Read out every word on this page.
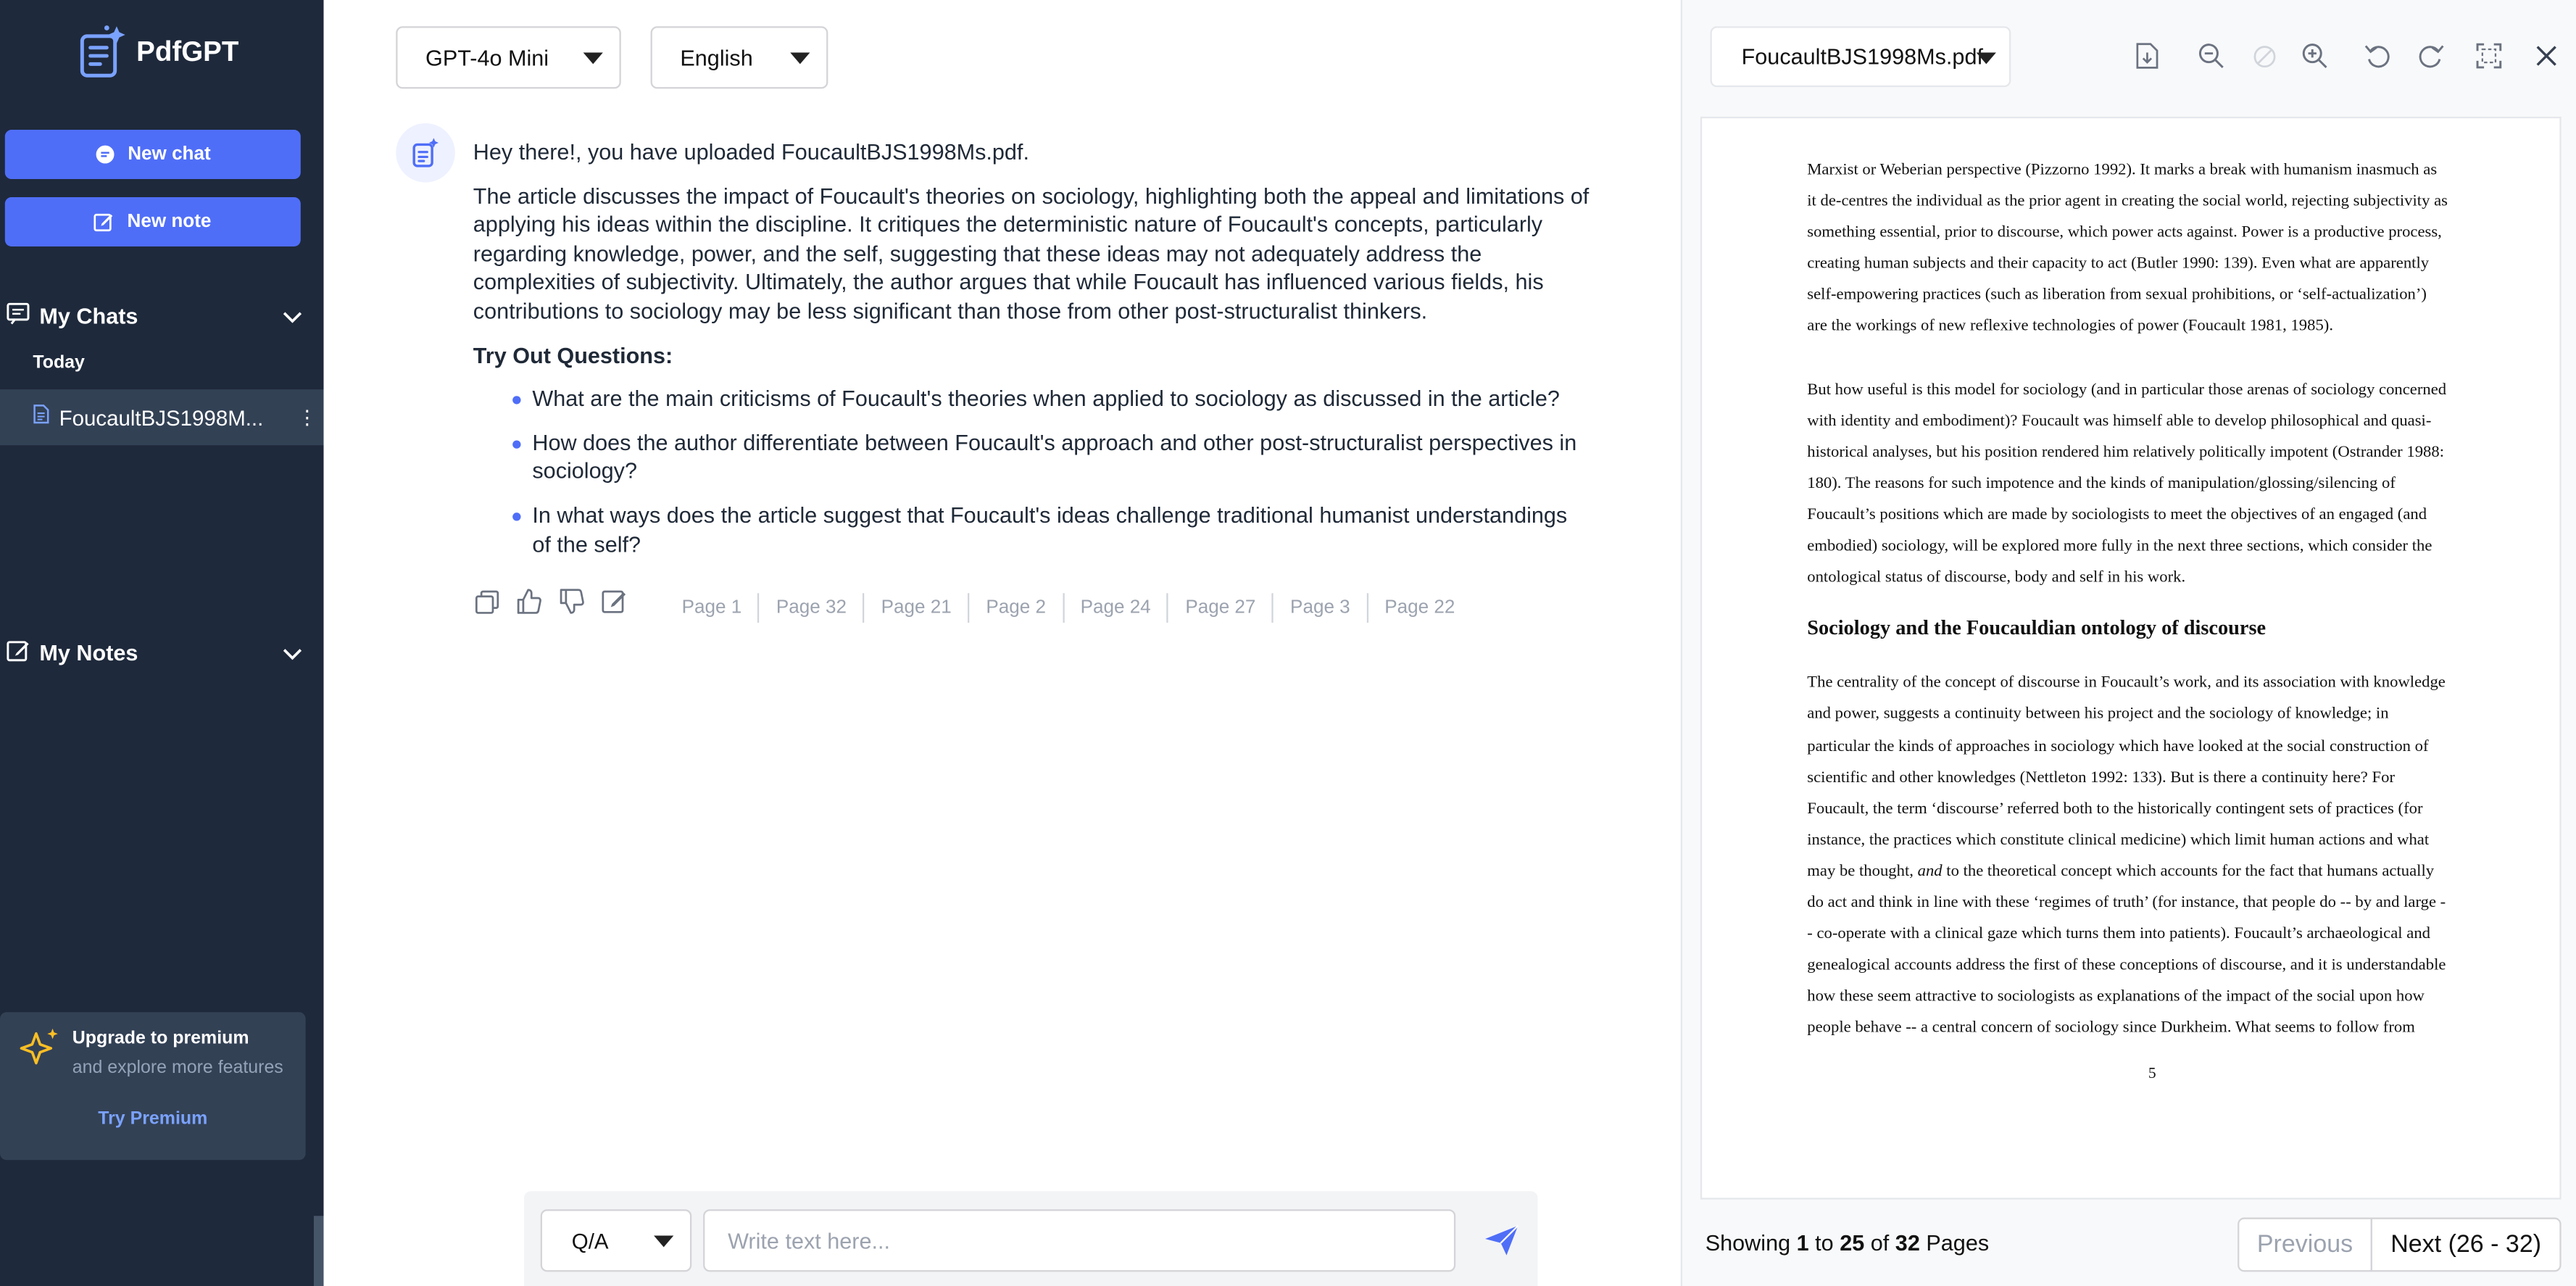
PdfGPT
New chat
New note
My Chats
Today
FoucaultBJS1998M...	⋮
My Notes
Upgrade to premium
and explore more features
Try Premium
GPT-4o Mini	English
Hey there!, you have uploaded FoucaultBJS1998Ms.pdf.
The article discusses the impact of Foucault's theories on sociology, highlighting both the appeal and limitations of applying his ideas within the discipline. It critiques the deterministic nature of Foucault's concepts, particularly regarding knowledge, power, and the self, suggesting that these ideas may not adequately address the complexities of subjectivity. Ultimately, the author argues that while Foucault has influenced various fields, his contributions to sociology may be less significant than those from other post-structuralist thinkers.
Try Out Questions:
What are the main criticisms of Foucault's theories when applied to sociology as discussed in the article?
How does the author differentiate between Foucault's approach and other post-structuralist perspectives in sociology?
In what ways does the article suggest that Foucault's ideas challenge traditional humanist understandings of the self?
Page 1	Page 32	Page 21	Page 2	Page 24	Page 27	Page 3	Page 22
Q/A
Write text here...
FoucaultBJS1998Ms.pdf
Marxist or Weberian perspective (Pizzorno 1992). It marks a break with humanism inasmuch as
it de-centres the individual as the prior agent in creating the social world, rejecting subjectivity as
something essential, prior to discourse, which power acts against. Power is a productive process,
creating human subjects and their capacity to act (Butler 1990: 139). Even what are apparently
self-empowering practices (such as liberation from sexual prohibitions, or ‘self-actualization’)
are the workings of new reflexive technologies of power (Foucault 1981, 1985).
But how useful is this model for sociology (and in particular those arenas of sociology concerned
with identity and embodiment)? Foucault was himself able to develop philosophical and quasi-
historical analyses, but his position rendered him relatively politically impotent (Ostrander 1988:
180). The reasons for such impotence and the kinds of manipulation/glossing/silencing of
Foucault’s positions which are made by sociologists to meet the objectives of an engaged (and
embodied) sociology, will be explored more fully in the next three sections, which consider the
ontological status of discourse, body and self in his work.
Sociology and the Foucauldian ontology of discourse
The centrality of the concept of discourse in Foucault’s work, and its association with knowledge
and power, suggests a continuity between his project and the sociology of knowledge; in
particular the kinds of approaches in sociology which have looked at the social construction of
scientific and other knowledges (Nettleton 1992: 133). But is there a continuity here? For
Foucault, the term ‘discourse’ referred both to the historically contingent sets of practices (for
instance, the practices which constitute clinical medicine) which limit human actions and what
may be thought, and to the theoretical concept which accounts for the fact that humans actually
do act and think in line with these ‘regimes of truth’ (for instance, that people do -- by and large -
- co-operate with a clinical gaze which turns them into patients). Foucault’s archaeological and
genealogical accounts address the first of these conceptions of discourse, and it is understandable
how these seem attractive to sociologists as explanations of the impact of the social upon how
people behave -- a central concern of sociology since Durkheim. What seems to follow from
5
Showing 1 to 25 of 32 Pages	Previous	Next (26 - 32)
